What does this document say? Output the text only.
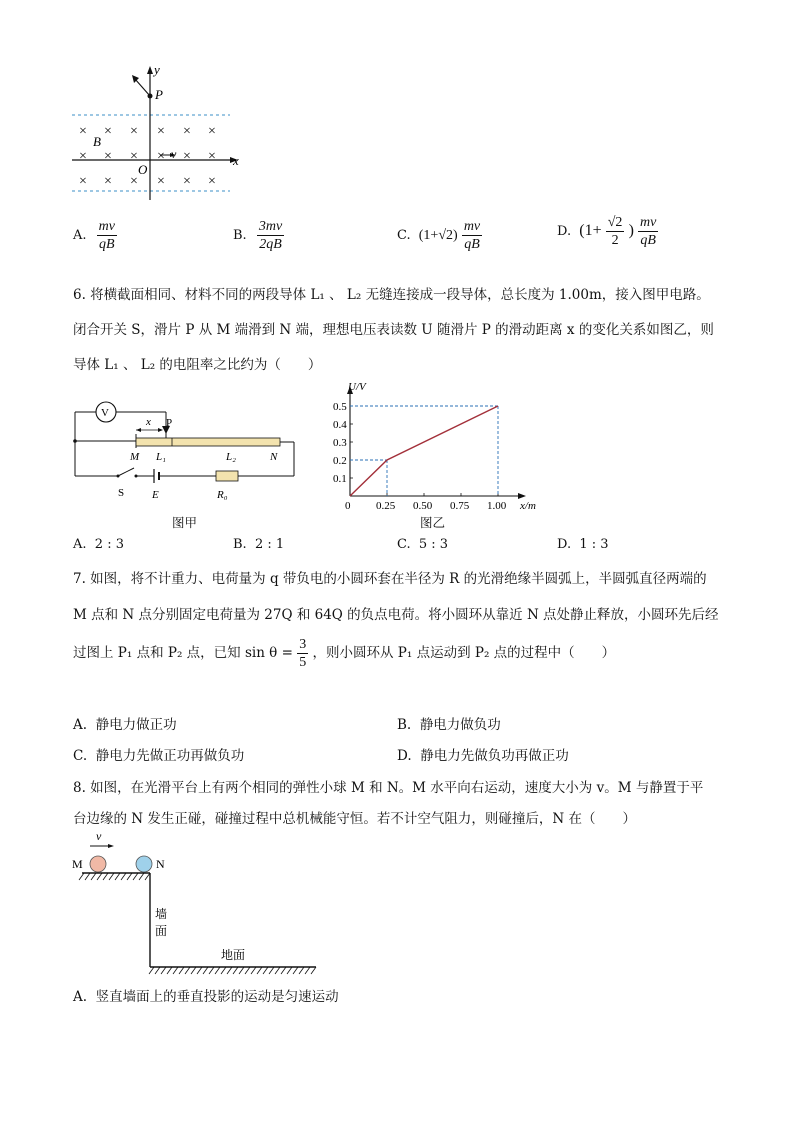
× × × × × ×
× × × × × ×
× × × × × ×
x
y
P
B
O
v
A. $\frac{mv}{qB}$	B. $\frac{3mv}{2qB}$	C. $(1+√2) \frac{mv}{qB}$	D. ($1+ \frac{√2}{2}$ ) $\frac{mv}{qB}$
6. 将横截面相同、材料不同的两段导体 L₁ 、 L₂ 无缝连接成一段导体，总长度为 1.00m，接入图甲电路。
闭合开关 S，滑片 P 从 M 端滑到 N 端，理想电压表读数 U 随滑片 P 的滑动距离 x 的变化关系如图乙，则
导体 L₁ 、 L₂ 的电阻率之比约为（　　）
V
x P
M L₁	L₂	N
S	E	R₀
图甲
0.1
0.2
0.3
0.4
0.5
0.25 0.50 0.75 1.00
0	x/m
U/V
图乙
A. 2 : 3	B. 2 : 1	C. 5 : 3	D. 1 : 3
7. 如图，将不计重力、电荷量为 q 带负电的小圆环套在半径为 R 的光滑绝缘半圆弧上，半圆弧直径两端的
M 点和 N 点分别固定电荷量为 27Q 和 64Q 的负点电荷。将小圆环从靠近 N 点处静止释放，小圆环先后经
过图上 P₁ 点和 P₂ 点，已知 $\sin \theta = \frac{3}{5}$ ，则小圆环从 P₁ 点运动到 P₂ 点的过程中（　　）
A. 静电力做正功	B. 静电力做负功
C. 静电力先做正功再做负功	D. 静电力先做负功再做正功
8. 如图，在光滑平台上有两个相同的弹性小球 M 和 N。M 水平向右运动，速度大小为 v。M 与静置于平
台边缘的 N 发生正碰，碰撞过程中总机械能守恒。若不计空气阻力，则碰撞后，N 在（　　）
v
M	N
墙
面
地面
A. 竖直墙面上的垂直投影的运动是匀速运动
